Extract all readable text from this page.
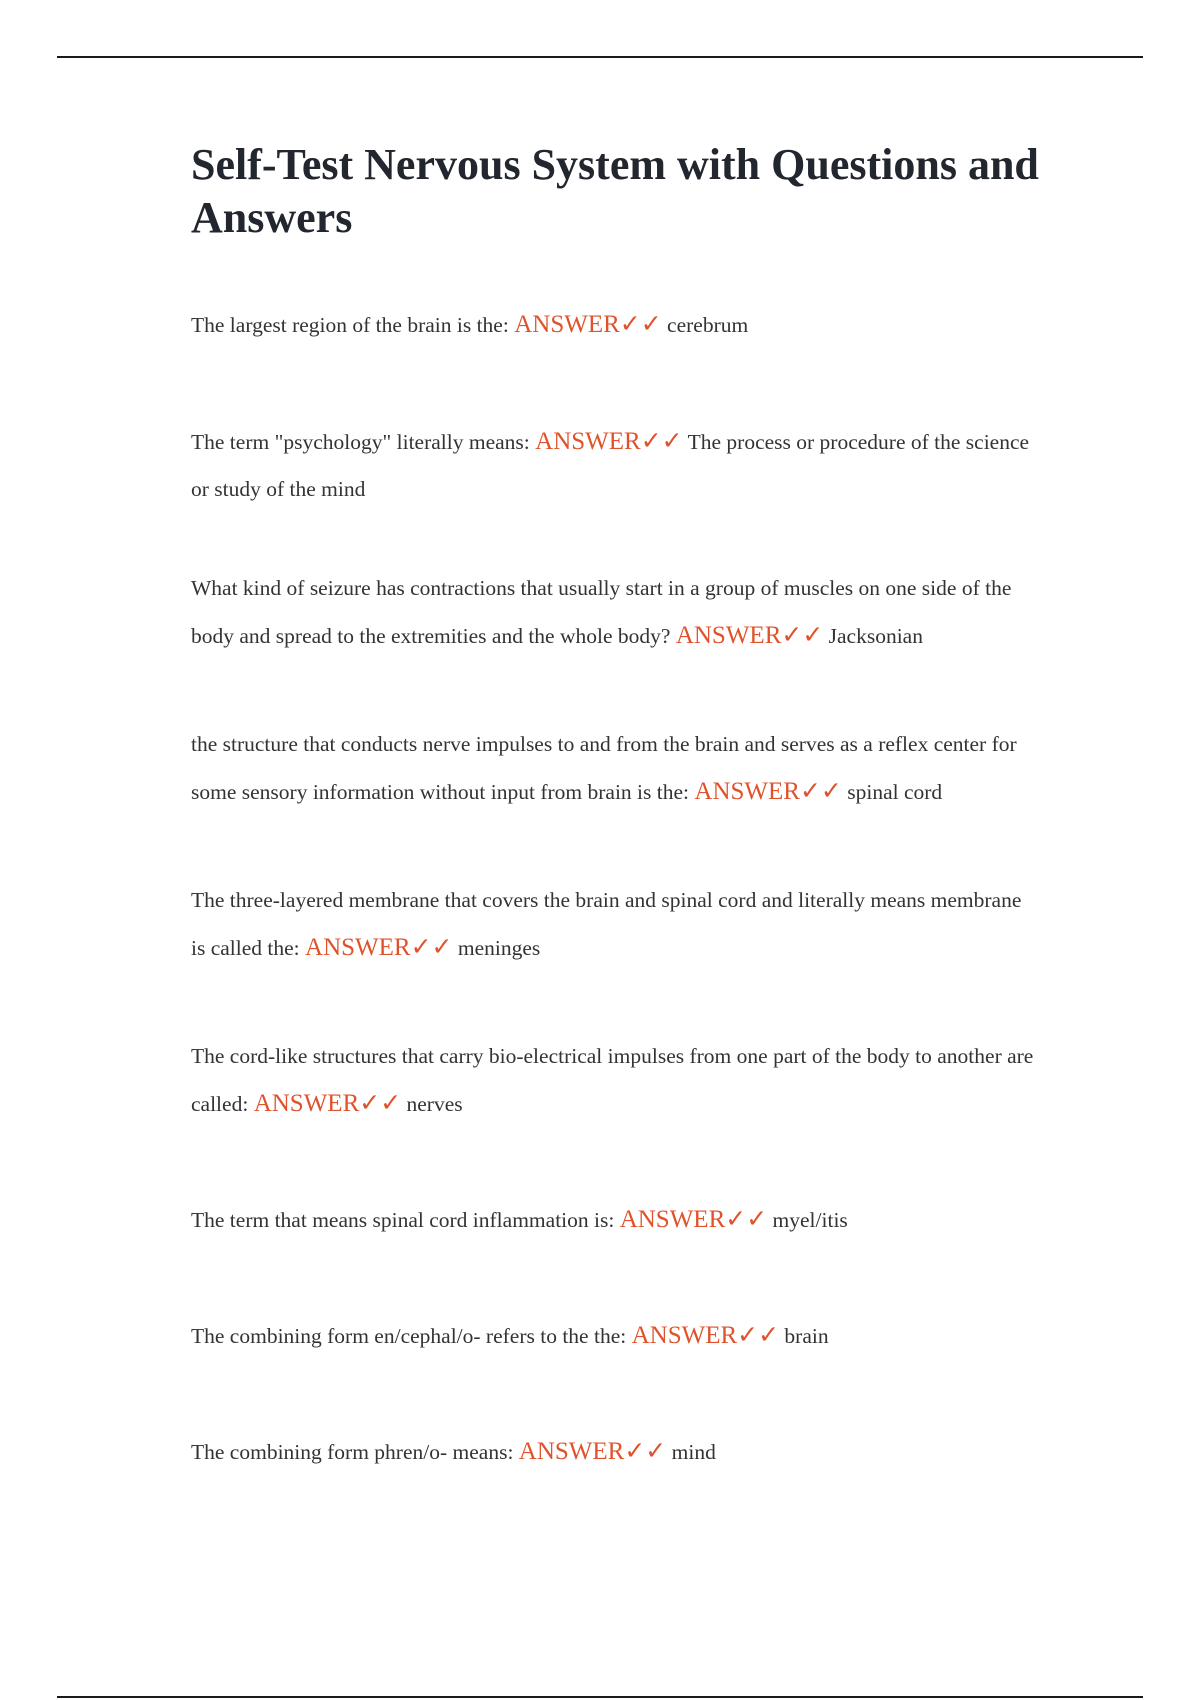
Self-Test Nervous System with Questions and Answers
The largest region of the brain is the: ANSWER✓✓ cerebrum
The term "psychology" literally means: ANSWER✓✓ The process or procedure of the science or study of the mind
What kind of seizure has contractions that usually start in a group of muscles on one side of the body and spread to the extremities and the whole body? ANSWER✓✓ Jacksonian
the structure that conducts nerve impulses to and from the brain and serves as a reflex center for some sensory information without input from brain is the: ANSWER✓✓ spinal cord
The three-layered membrane that covers the brain and spinal cord and literally means membrane is called the: ANSWER✓✓ meninges
The cord-like structures that carry bio-electrical impulses from one part of the body to another are called: ANSWER✓✓ nerves
The term that means spinal cord inflammation is: ANSWER✓✓ myel/itis
The combining form en/cephal/o- refers to the the: ANSWER✓✓ brain
The combining form phren/o- means: ANSWER✓✓ mind
